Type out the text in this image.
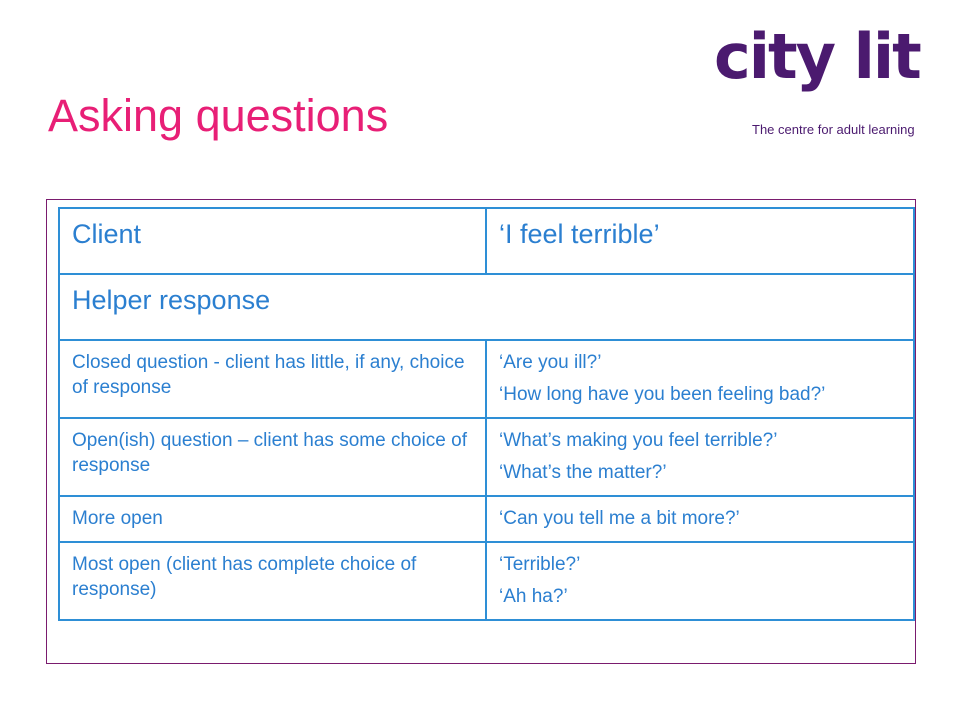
Asking questions
city lit
The centre for adult learning
Client	‘I feel terrible’
Helper response	
Closed question - client has little, if any, choice of response	‘Are you ill?’

‘How long have you been feeling bad?’

Open(ish) question – client has some choice of response	‘What’s making you feel terrible?’

‘What’s the matter?’

More open	‘Can you tell me a bit more?’

Most open (client has complete choice of response)	‘Terrible?’

‘Ah ha?’
